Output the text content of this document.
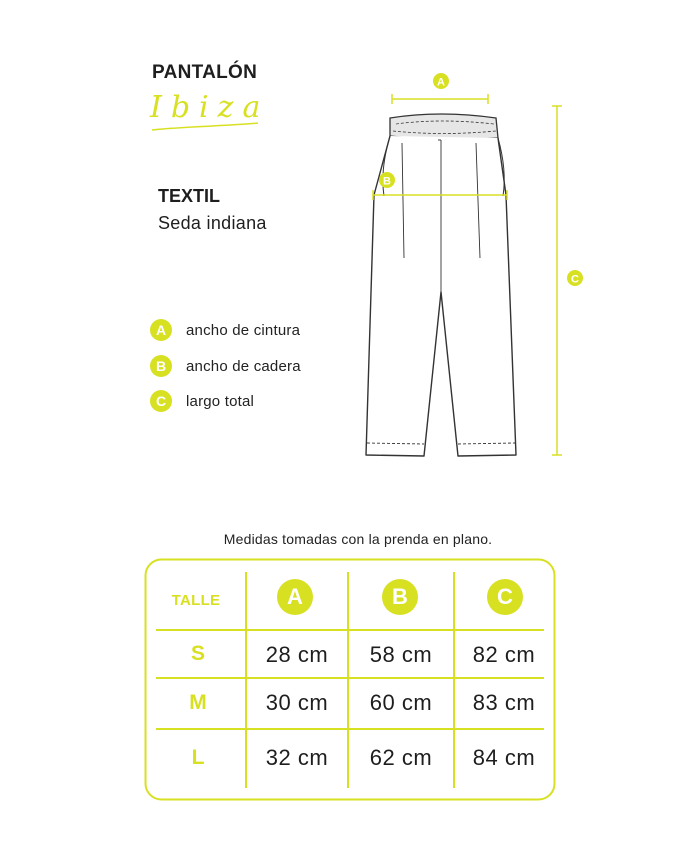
PANTALÓN
Ibiza
TEXTIL
Seda indiana
A	ancho de cintura
B	ancho de cadera
C	largo total
A
B
C
Medidas tomadas con la prenda en plano.
TALLE	A	B	C
S	28 cm	58 cm	82 cm
M	30 cm	60 cm	83 cm
L	32 cm	62 cm	84 cm
